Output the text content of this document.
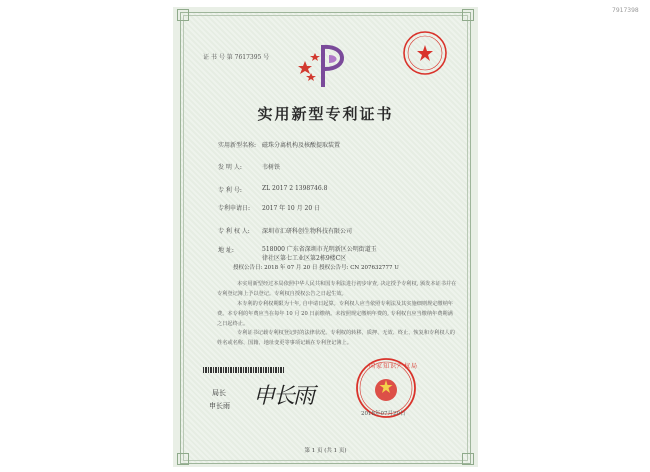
7917398
证 书 号 第 7617395 号
实用新型专利证书
实用新型名称: 磁珠分离机构及核酸提取装置
发 明 人:	韦树铁
专 利 号:	ZL 2017 2 1398746.8
专利申请日: 2017 年 10 月 20 日
专 利 权 人: 深圳市汇研科创生物科技有限公司
地 址:	518000 广东省深圳市光明新区公明街道玉律社区第七工业区第2栋9楼C区
授权公告日: 2018 年 07 月 20 日 授权公告号: CN 207632777 U
本实用新型经过本局依照中华人民共和国专利法进行初步审查, 决定授予专利权, 颁发本证书并在专利登记簿上予以登记。专利权自授权公告之日起生效。
本专利的专利权期限为十年, 自申请日起算。专利权人应当依照专利法及其实施细则规定缴纳年费。本专利的年费应当在每年 10 月 20 日前缴纳。未按照规定缴纳年费的, 专利权自应当缴纳年费期满之日起终止。
专利证书记载专利权登记时的法律状况。专利权的转移、质押、无效、终止、恢复和专利权人的姓名或名称、国籍、地址变更等事项记载在专利登记簿上。
局长
申长雨 申长雨
国家知识产权局
2018年07月20日
第 1 页 (共 1 页)
